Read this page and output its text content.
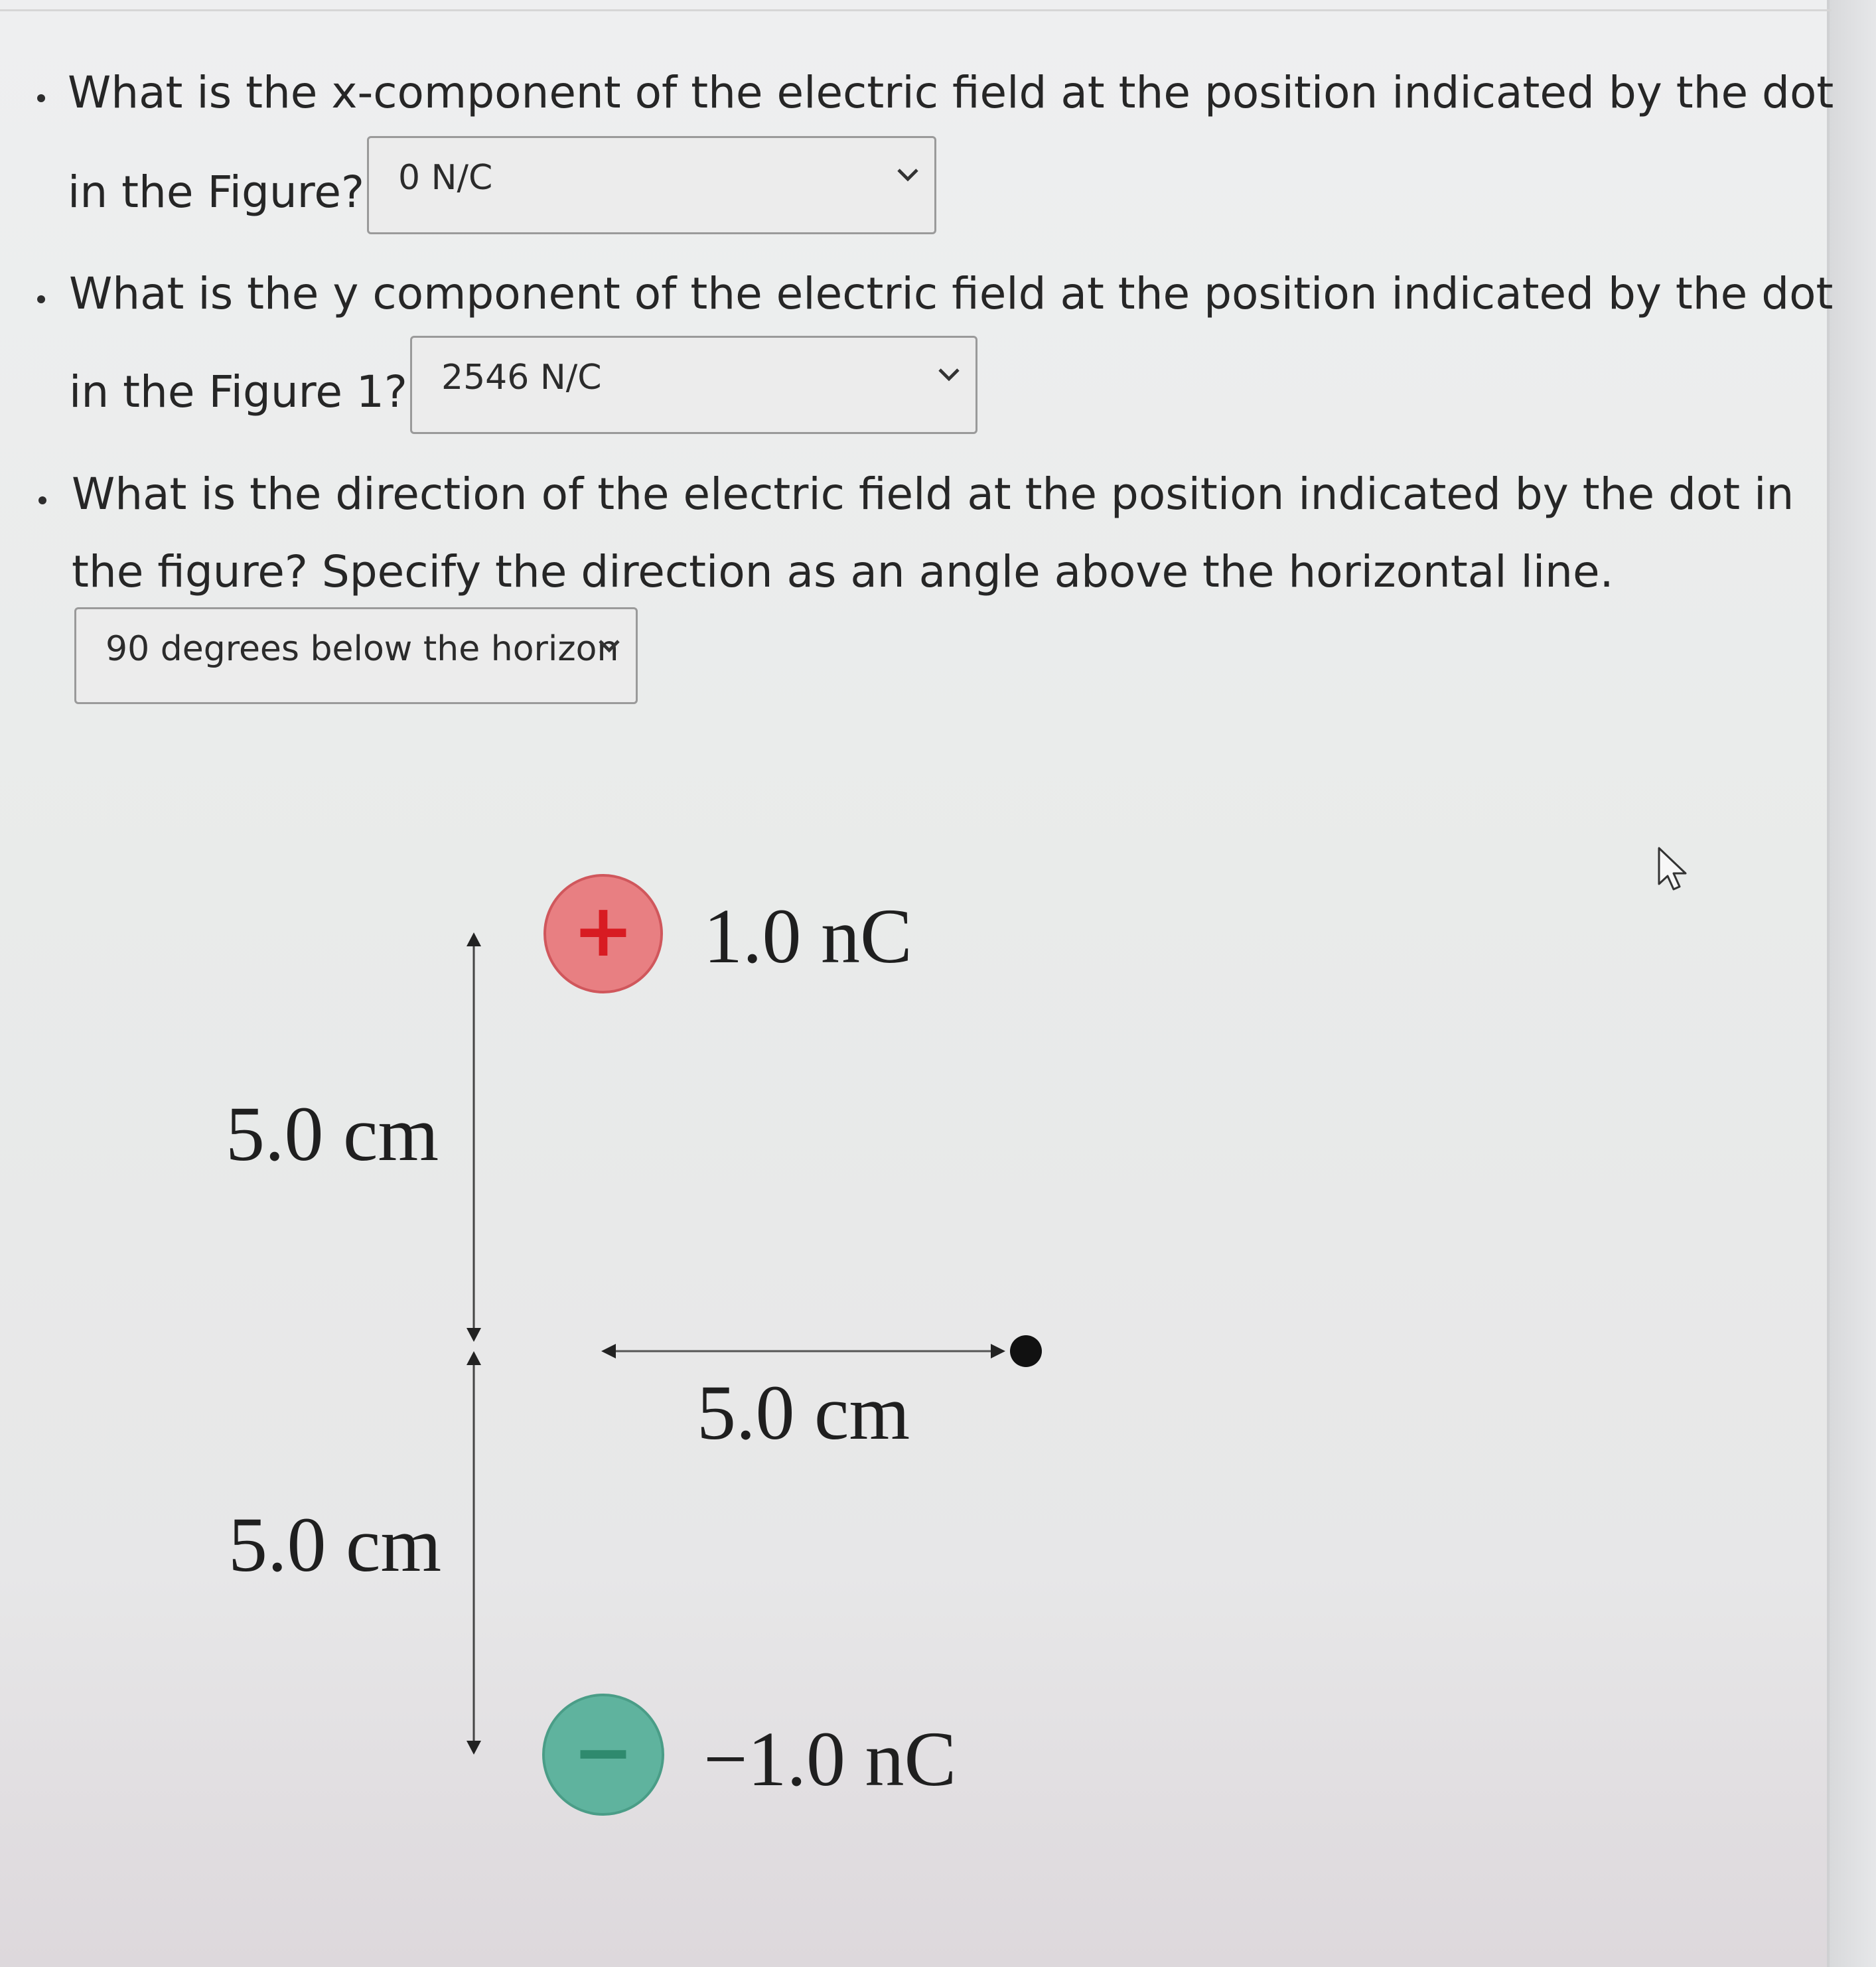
What is the x-component of the electric field at the position indicated by the dot
in the Figure? 0 N/C
What is the y component of the electric field at the position indicated by the dot
in the Figure 1? 2546 N/C
What is the direction of the electric field at the position indicated by the dot in
the figure? Specify the direction as an angle above the horizontal line.
90 degrees below the horizon
+ 1.0 nC
− −1.0 nC
5.0 cm
5.0 cm
5.0 cm
